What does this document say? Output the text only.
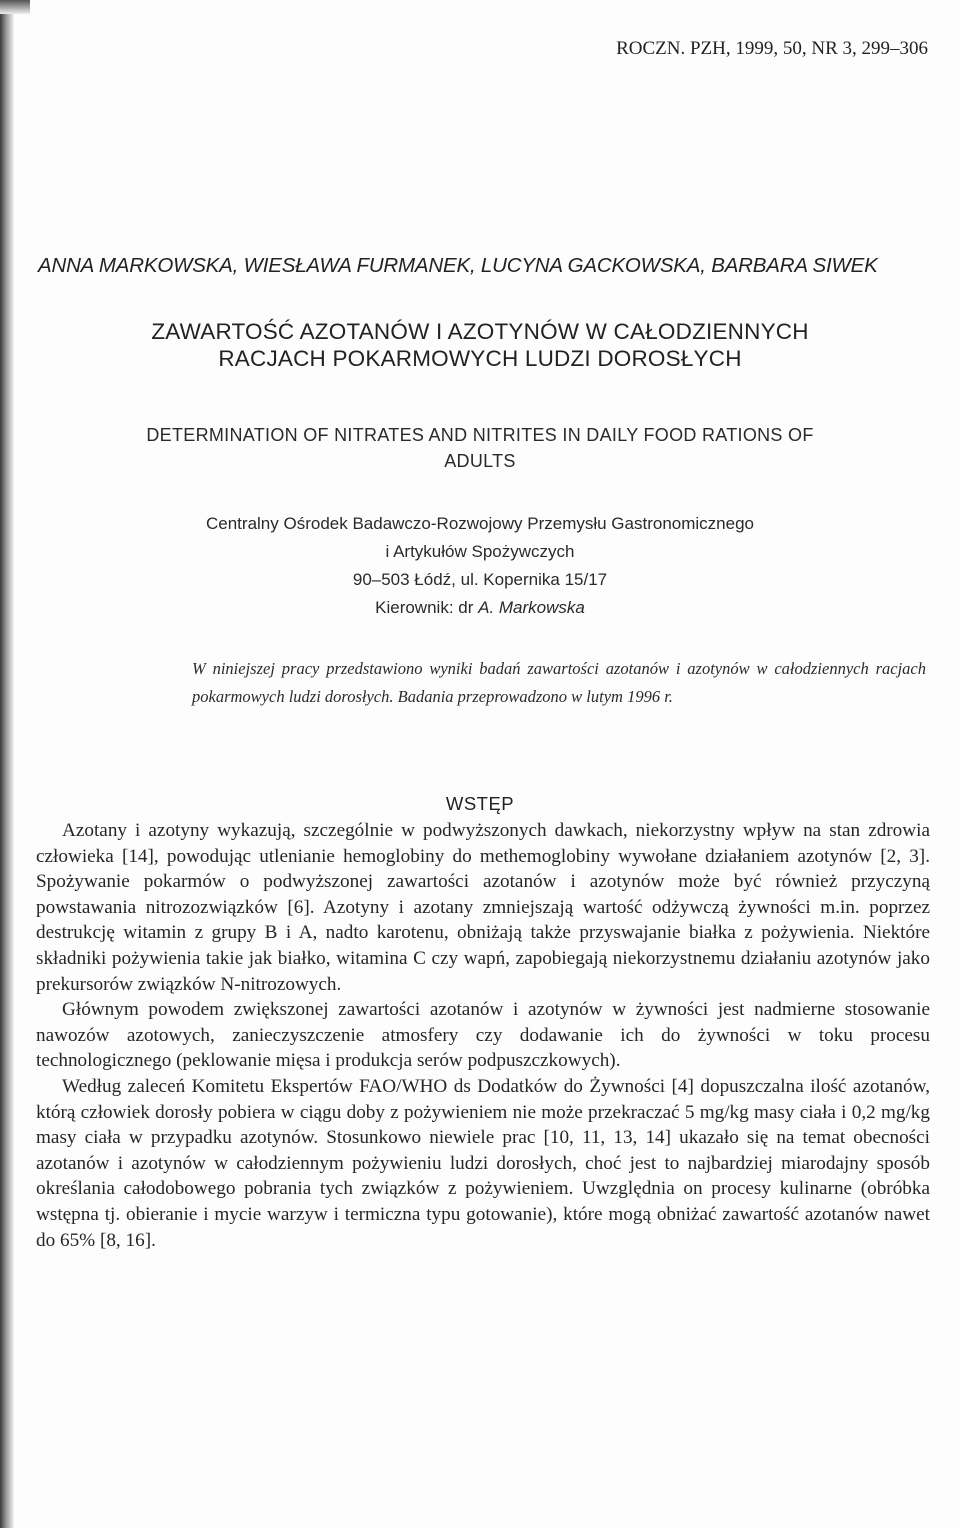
ROCZN. PZH, 1999, 50, NR 3, 299–306
ANNA MARKOWSKA, WIESŁAWA FURMANEK, LUCYNA GACKOWSKA, BARBARA SIWEK
ZAWARTOŚĆ AZOTANÓW I AZOTYNÓW W CAŁODZIENNYCH
RACJACH POKARMOWYCH LUDZI DOROSŁYCH
DETERMINATION OF NITRATES AND NITRITES IN DAILY FOOD RATIONS OF
ADULTS
Centralny Ośrodek Badawczo-Rozwojowy Przemysłu Gastronomicznego
i Artykułów Spożywczych
90–503 Łódź, ul. Kopernika 15/17
Kierownik: dr A. Markowska
W niniejszej pracy przedstawiono wyniki badań zawartości azotanów i azotynów w całodziennych racjach pokarmowych ludzi dorosłych. Badania przeprowadzono w lutym 1996 r.
WSTĘP

Azotany i azotyny wykazują, szczególnie w podwyższonych dawkach, niekorzystny wpływ na stan zdrowia człowieka [14], powodując utlenianie hemoglobiny do methemoglobiny wywołane działaniem azotynów [2, 3]. Spożywanie pokarmów o podwyższonej zawartości azotanów i azotynów może być również przyczyną powstawania nitrozozwiązków [6]. Azotyny i azotany zmniejszają wartość odżywczą żywności m.in. poprzez destrukcję witamin z grupy B i A, nadto karotenu, obniżają także przyswajanie białka z pożywienia. Niektóre składniki pożywienia takie jak białko, witamina C czy wapń, zapobiegają niekorzystnemu działaniu azotynów jako prekursorów związków N-nitrozowych.

Głównym powodem zwiększonej zawartości azotanów i azotynów w żywności jest nadmierne stosowanie nawozów azotowych, zanieczyszczenie atmosfery czy dodawanie ich do żywności w toku procesu technologicznego (peklowanie mięsa i produkcja serów podpuszczkowych).

Według zaleceń Komitetu Ekspertów FAO/WHO ds Dodatków do Żywności [4] dopuszczalna ilość azotanów, którą człowiek dorosły pobiera w ciągu doby z pożywieniem nie może przekraczać 5 mg/kg masy ciała i 0,2 mg/kg masy ciała w przypadku azotynów. Stosunkowo niewiele prac [10, 11, 13, 14] ukazało się na temat obecności azotanów i azotynów w całodziennym pożywieniu ludzi dorosłych, choć jest to najbardziej miarodajny sposób określania całodobowego pobrania tych związków z pożywieniem. Uwzględnia on procesy kulinarne (obróbka wstępna tj. obieranie i mycie warzyw i termiczna typu gotowanie), które mogą obniżać zawartość azotanów nawet do 65% [8, 16].
